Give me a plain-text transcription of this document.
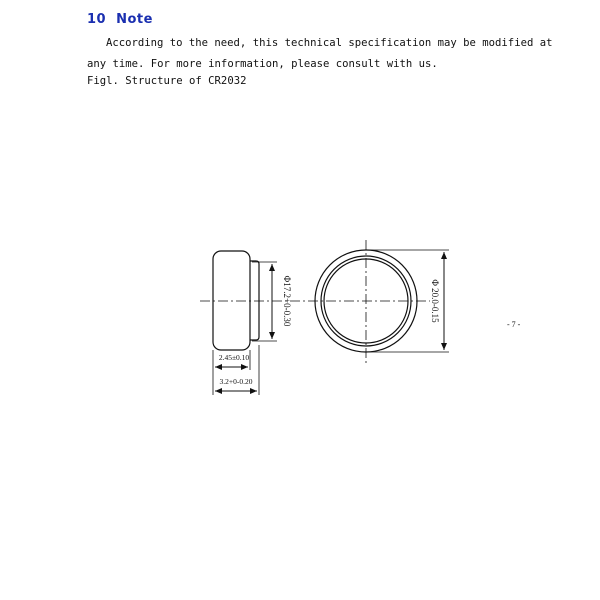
10 Note
According to the need, this technical specification may be modified at
any time. For more information, please consult with us.
Figl. Structure of CR2032
Φ17.2+0-0.30	Φ 20.0-0.15
2.45±0.10
3.2+0-0.20
- 7 -
